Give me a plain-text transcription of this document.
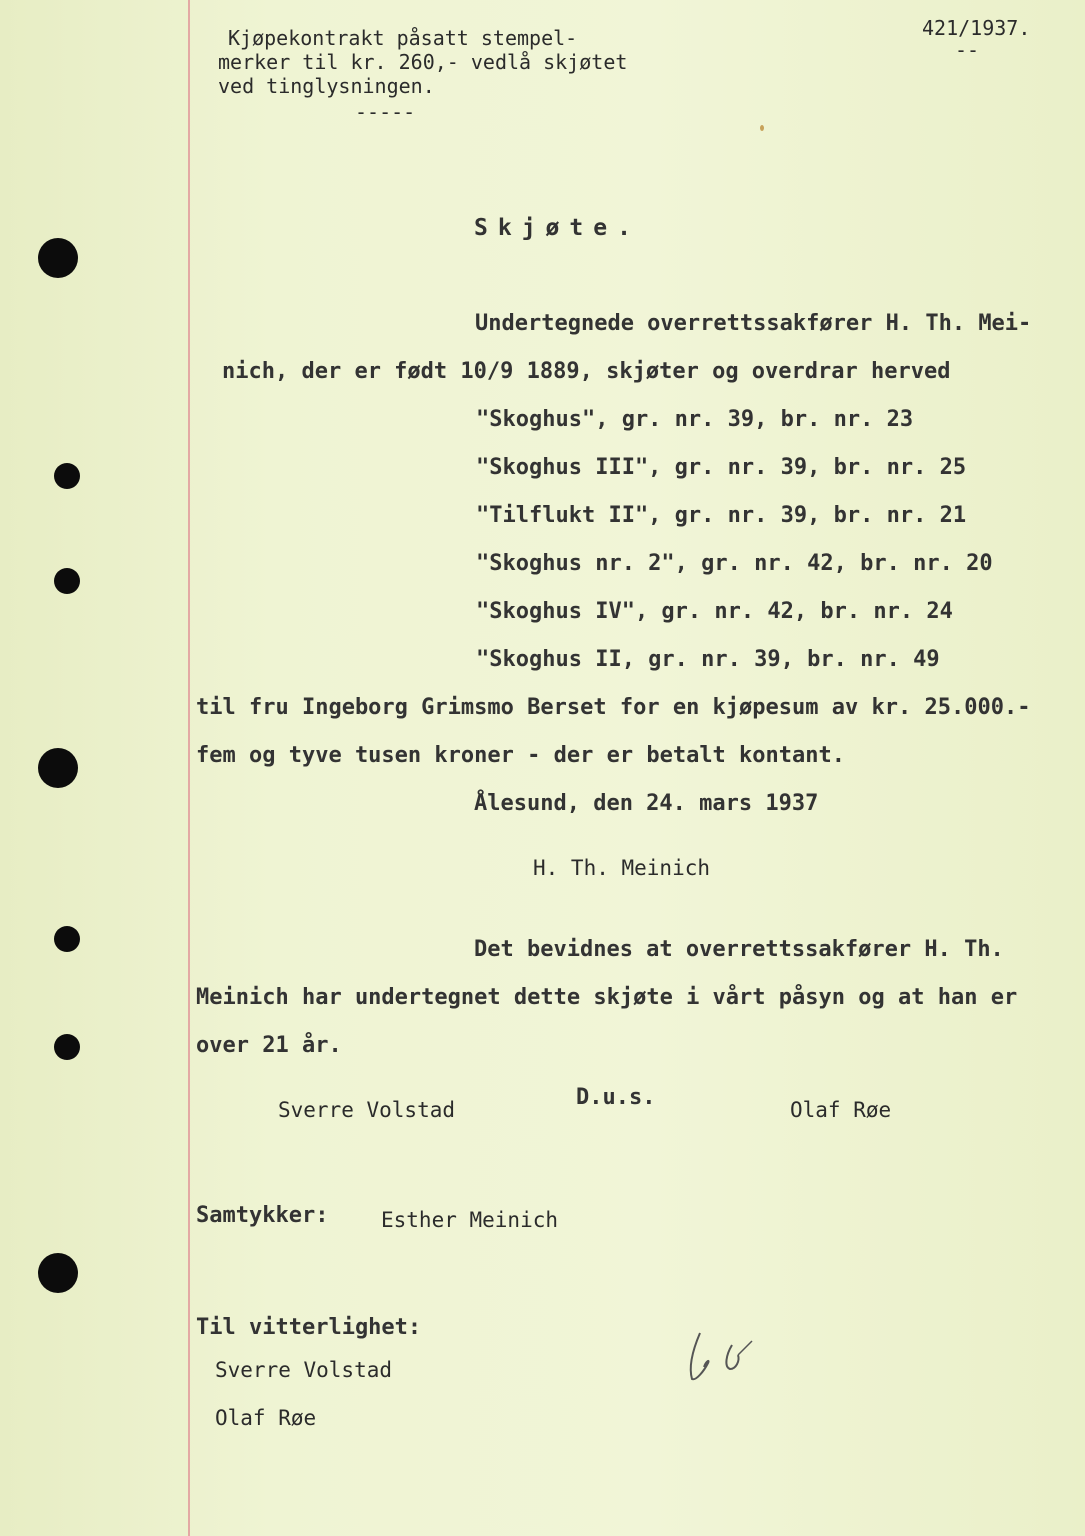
Kjøpekontrakt påsatt stempel-
merker til kr. 260,- vedlå skjøtet
ved tinglysningen.
-----
421/1937.
--
Skjøte.
Undertegnede overrettssakfører H. Th. Mei-
nich, der er født 10/9 1889, skjøter og overdrar herved
"Skoghus", gr. nr. 39, br. nr. 23
"Skoghus III", gr. nr. 39, br. nr. 25
"Tilflukt II", gr. nr. 39, br. nr. 21
"Skoghus nr. 2", gr. nr. 42, br. nr. 20
"Skoghus IV", gr. nr. 42, br. nr. 24
"Skoghus II, gr. nr. 39, br. nr. 49
til fru Ingeborg Grimsmo Berset for en kjøpesum av kr. 25.000.-
fem og tyve tusen kroner - der er betalt kontant.
Ålesund, den 24. mars 1937
H. Th. Meinich
Det bevidnes at overrettssakfører H. Th.
Meinich har undertegnet dette skjøte i vårt påsyn og at han er
over 21 år.
Sverre Volstad	D.u.s.	Olaf Røe
Samtykker:	Esther Meinich
Til vitterlighet:
Sverre Volstad
Olaf Røe
